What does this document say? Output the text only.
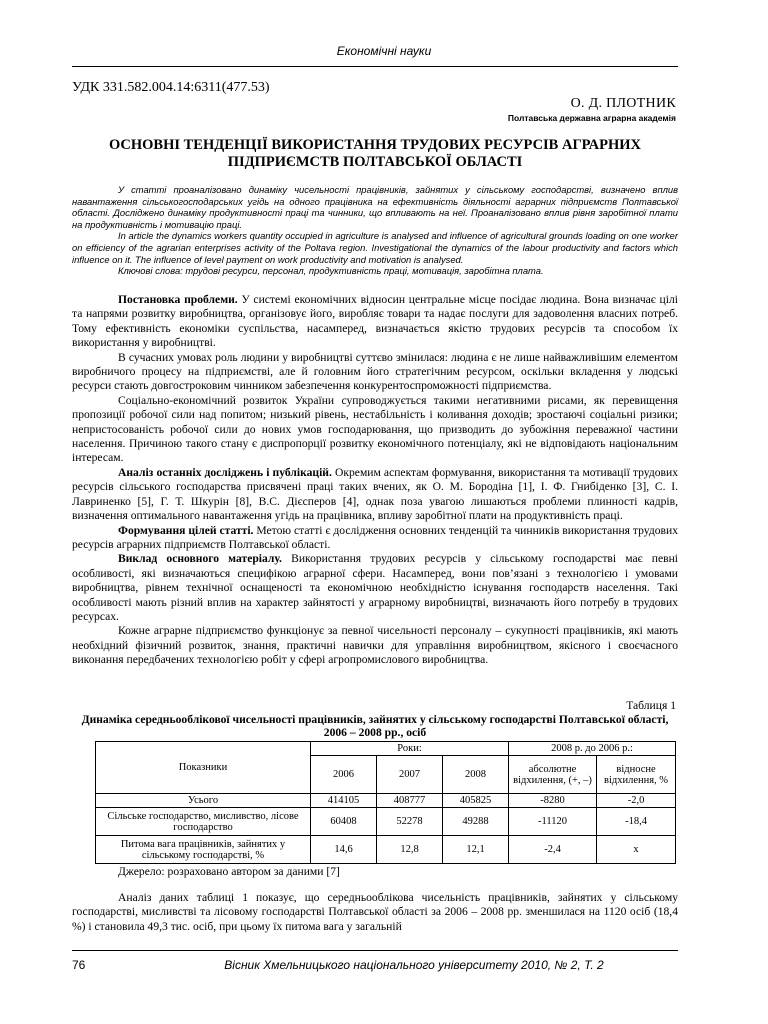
Економічні науки
УДК 331.582.004.14:6311(477.53)
О. Д. ПЛОТНИК
Полтавська державна аграрна академія
ОСНОВНІ ТЕНДЕНЦІЇ ВИКОРИСТАННЯ ТРУДОВИХ РЕСУРСІВ АГРАРНИХ ПІДПРИЄМСТВ ПОЛТАВСЬКОЇ ОБЛАСТІ

У статті проаналізовано динаміку чисельності працівників, зайнятих у сільському господарстві, визначено вплив навантаження сільськогосподарських угідь на одного працівника на ефективність діяльності аграрних підприємств Полтавської області. Досліджено динаміку продуктивності праці та чинники, що впливають на неї. Проаналізовано вплив рівня заробітної плати на продуктивність і мотивацію праці.

In article the dynamics workers quantity occupied in agriculture is analysed and influence of agricultural grounds loading on one worker on efficiency of the agrarian enterprises activity of the Poltava region. Investigational the dynamics of the labour productivity and factors which influence on it. The influence of level payment on work productivity and motivation is analysed.

Ключові слова: трудові ресурси, персонал, продуктивність праці, мотивація, заробітна плата.

Постановка проблеми. У системі економічних відносин центральне місце посідає людина. Вона визначає цілі та напрями розвитку виробництва, організовує його, виробляє товари та надає послуги для задоволення власних потреб. Тому ефективність економіки суспільства, насамперед, визначається якістю трудових ресурсів та способом їх використання у виробництві.

В сучасних умовах роль людини у виробництві суттєво змінилася: людина є не лише найважливішим елементом виробничого процесу на підприємстві, але й головним його стратегічним ресурсом, оскільки вкладення у людські ресурси стають довгостроковим чинником забезпечення конкурентоспроможності підприємства.

Соціально-економічний розвиток України супроводжується такими негативними рисами, як перевищення пропозиції робочої сили над попитом; низький рівень, нестабільність і коливання доходів; зростаючі соціальні ризики; непристосованість робочої сили до нових умов господарювання, що призводить до зубожіння переважної частини населення. Причиною такого стану є диспропорції розвитку економічного потенціалу, які не відповідають національним інтересам.

Аналіз останніх досліджень і публікацій. Окремим аспектам формування, використання та мотивації трудових ресурсів сільського господарства присвячені праці таких вчених, як О. М. Бородіна [1], І. Ф. Гнибіденко [3], С. І. Лавриненко [5], Г. Т. Шкурін [8], В.С. Дієсперов [4], однак поза увагою лишаються проблеми плинності кадрів, визначення оптимального навантаження угідь на працівника, впливу заробітної плати на продуктивність праці.

Формування цілей статті. Метою статті є дослідження основних тенденцій та чинників використання трудових ресурсів аграрних підприємств Полтавської області.

Виклад основного матеріалу. Використання трудових ресурсів у сільському господарстві має певні особливості, які визначаються специфікою аграрної сфери. Насамперед, вони пов’язані з технологією і умовами виробництва, рівнем технічної оснащеності та економічною необхідністю існування господарств населення. Такі особливості мають різний вплив на характер зайнятості у аграрному виробництві, визначають його потребу в трудових ресурсах.

Кожне аграрне підприємство функціонує за певної чисельності персоналу – сукупності працівників, які мають необхідний фізичний розвиток, знання, практичні навички для управління виробництвом, якісного і своєчасного виконання передбачених технологією робіт у сфері агропромислового виробництва.

Таблиця 1
Динаміка середньооблікової чисельності працівників, зайнятих у сільському господарстві Полтавської області, 2006 – 2008 рр., осіб
Показники	Роки:			2008 р. до 2006 р.:	
	2006	2007	2008	абсолютне відхилення, (+, –)	відносне відхилення, %
Усього	414105	408777	405825	-8280	-2,0
Сільське господарство, мисливство, лісове господарство	60408	52278	49288	-11120	-18,4
Питома вага працівників, зайнятих у сільському господарстві, %	14,6	12,8	12,1	-2,4	х
Джерело: розраховано автором за даними [7]

Аналіз даних таблиці 1 показує, що середньооблікова чисельність працівників, зайнятих у сільському господарстві, мисливстві та лісовому господарстві Полтавської області за 2006 – 2008 рр. зменшилася на 1120 осіб (18,4 %) і становила 49,3 тис. осіб, при цьому їх питома вага у загальній

76	Вісник Хмельницького національного університету 2010, № 2, Т. 2
